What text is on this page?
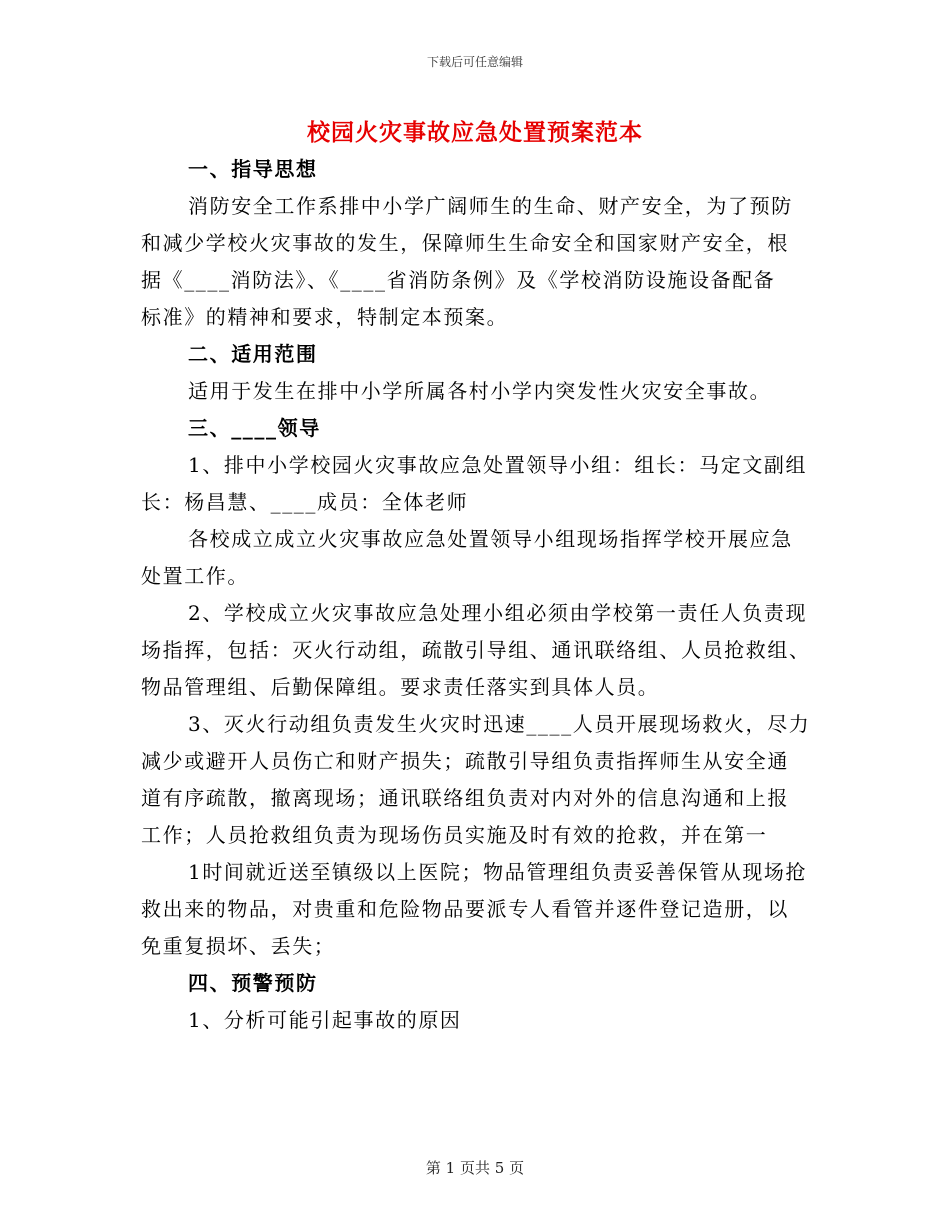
下载后可任意编辑
校园火灾事故应急处置预案范本
一、指导思想
消防安全工作系排中小学广阔师生的生命、财产安全，为了预防
和减少学校火灾事故的发生，保障师生生命安全和国家财产安全，根
据《____消防法》、《____省消防条例》及《学校消防设施设备配备
标准》的精神和要求，特制定本预案。
二、适用范围
适用于发生在排中小学所属各村小学内突发性火灾安全事故。
三、____领导
1、排中小学校园火灾事故应急处置领导小组：组长：马定文副组
长：杨昌慧、____成员：全体老师
各校成立成立火灾事故应急处置领导小组现场指挥学校开展应急
处置工作。
2、学校成立火灾事故应急处理小组必须由学校第一责任人负责现
场指挥，包括：灭火行动组，疏散引导组、通讯联络组、人员抢救组、
物品管理组、后勤保障组。要求责任落实到具体人员。
3、灭火行动组负责发生火灾时迅速____人员开展现场救火，尽力
减少或避开人员伤亡和财产损失；疏散引导组负责指挥师生从安全通
道有序疏散，撤离现场；通讯联络组负责对内对外的信息沟通和上报
工作；人员抢救组负责为现场伤员实施及时有效的抢救，并在第一
1时间就近送至镇级以上医院；物品管理组负责妥善保管从现场抢
救出来的物品，对贵重和危险物品要派专人看管并逐件登记造册，以
免重复损坏、丢失；
四、预警预防
1、分析可能引起事故的原因
第 1 页共 5 页
